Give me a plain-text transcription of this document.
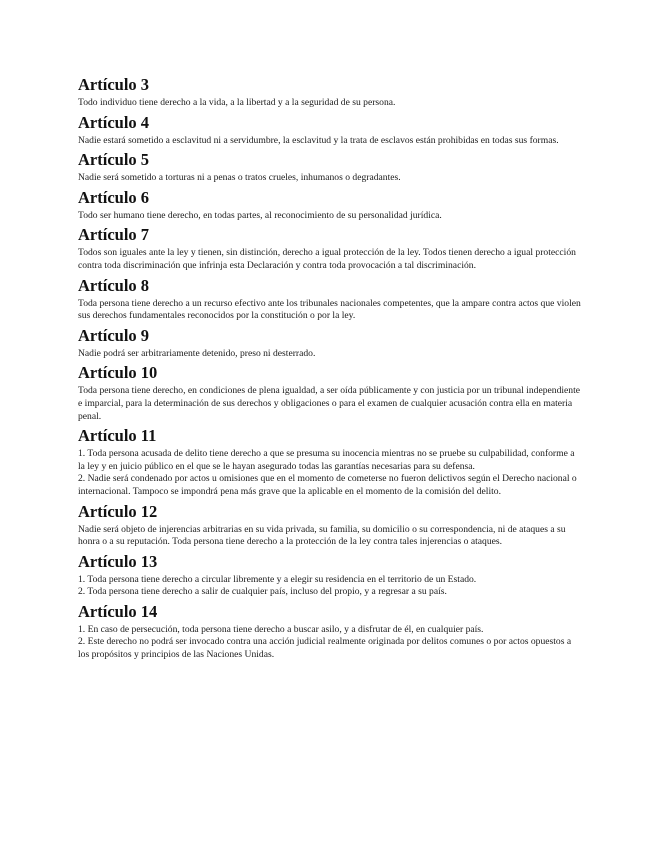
Artículo 3

Todo individuo tiene derecho a la vida, a la libertad y a la seguridad de su persona.

Artículo 4

Nadie estará sometido a esclavitud ni a servidumbre, la esclavitud y la trata de esclavos están prohibidas en todas sus formas.

Artículo 5

Nadie será sometido a torturas ni a penas o tratos crueles, inhumanos o degradantes.

Artículo 6

Todo ser humano tiene derecho, en todas partes, al reconocimiento de su personalidad jurídica.

Artículo 7

Todos son iguales ante la ley y tienen, sin distinción, derecho a igual protección de la ley. Todos tienen derecho a igual protección contra toda discriminación que infrinja esta Declaración y contra toda provocación a tal discriminación.

Artículo 8

Toda persona tiene derecho a un recurso efectivo ante los tribunales nacionales competentes, que la ampare contra actos que violen sus derechos fundamentales reconocidos por la constitución o por la ley.

Artículo 9

Nadie podrá ser arbitrariamente detenido, preso ni desterrado.

Artículo 10

Toda persona tiene derecho, en condiciones de plena igualdad, a ser oída públicamente y con justicia por un tribunal independiente e imparcial, para la determinación de sus derechos y obligaciones o para el examen de cualquier acusación contra ella en materia penal.

Artículo 11

1. Toda persona acusada de delito tiene derecho a que se presuma su inocencia mientras no se pruebe su culpabilidad, conforme a la ley y en juicio público en el que se le hayan asegurado todas las garantías necesarias para su defensa.

2. Nadie será condenado por actos u omisiones que en el momento de cometerse no fueron delictivos según el Derecho nacional o internacional. Tampoco se impondrá pena más grave que la aplicable en el momento de la comisión del delito.

Artículo 12

Nadie será objeto de injerencias arbitrarias en su vida privada, su familia, su domicilio o su correspondencia, ni de ataques a su honra o a su reputación. Toda persona tiene derecho a la protección de la ley contra tales injerencias o ataques.

Artículo 13

1. Toda persona tiene derecho a circular libremente y a elegir su residencia en el territorio de un Estado.

2. Toda persona tiene derecho a salir de cualquier país, incluso del propio, y a regresar a su país.

Artículo 14

1. En caso de persecución, toda persona tiene derecho a buscar asilo, y a disfrutar de él, en cualquier país.

2. Este derecho no podrá ser invocado contra una acción judicial realmente originada por delitos comunes o por actos opuestos a los propósitos y principios de las Naciones Unidas.
